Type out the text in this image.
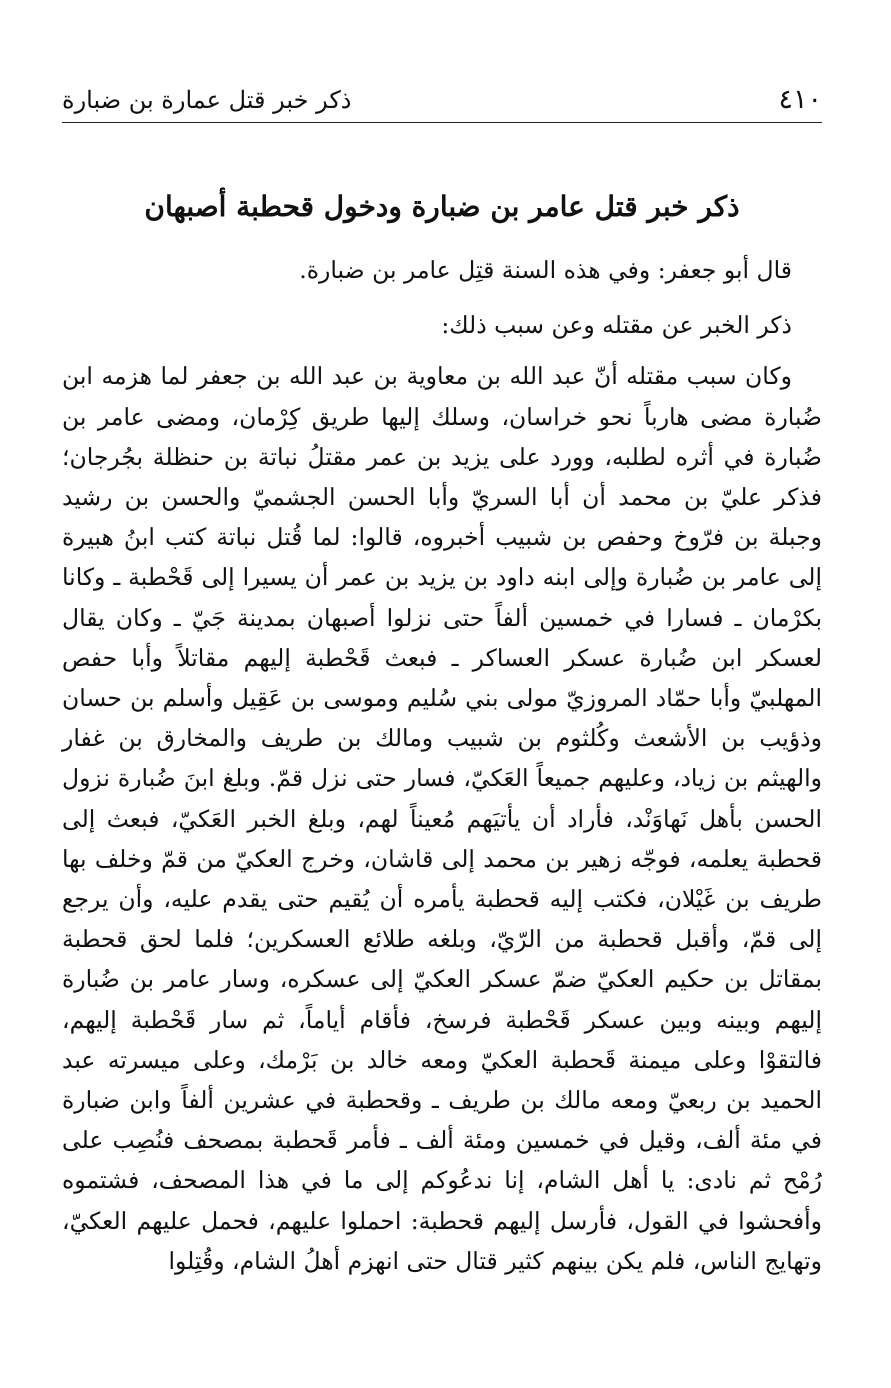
٤١٠
ذكر خبر قتل عمارة بن ضبارة
ذكر خبر قتل عامر بن ضبارة ودخول قحطبة أصبهان

قال أبو جعفر: وفي هذه السنة قتِل عامر بن ضبارة.

ذكر الخبر عن مقتله وعن سبب ذلك:

وكان سبب مقتله أنّ عبد الله بن معاوية بن عبد الله بن جعفر لما هزمه ابن ضُبارة مضى هارباً نحو خراسان، وسلك إليها طريق كِرْمان، ومضى عامر بن ضُبارة في أثره لطلبه، وورد على يزيد بن عمر مقتلُ نباتة بن حنظلة بجُرجان؛ فذكر عليّ بن محمد أن أبا السريّ وأبا الحسن الجشميّ والحسن بن رشيد وجبلة بن فرّوخ وحفص بن شبيب أخبروه، قالوا: لما قُتل نباتة كتب ابنُ هبيرة إلى عامر بن ضُبارة وإلى ابنه داود بن يزيد بن عمر أن يسيرا إلى قَحْطبة ـ وكانا بكرْمان ـ فسارا في خمسين ألفاً حتى نزلوا أصبهان بمدينة جَيّ ـ وكان يقال لعسكر ابن ضُبارة عسكر العساكر ـ فبعث قَحْطبة إليهم مقاتلاً وأبا حفص المهلبيّ وأبا حمّاد المروزيّ مولى بني سُليم وموسى بن عَقِيل وأسلم بن حسان وذؤيب بن الأشعث وكُلثوم بن شبيب ومالك بن طريف والمخارق بن غفار والهيثم بن زياد، وعليهم جميعاً العَكيّ، فسار حتى نزل قمّ. وبلغ ابنَ ضُبارة نزول الحسن بأهل نَهاوَنْد، فأراد أن يأتيَهم مُعيناً لهم، وبلغ الخبر العَكيّ، فبعث إلى قحطبة يعلمه، فوجّه زهير بن محمد إلى قاشان، وخرج العكيّ من قمّ وخلف بها طريف بن غَيْلان، فكتب إليه قحطبة يأمره أن يُقيم حتى يقدم عليه، وأن يرجع إلى قمّ، وأقبل قحطبة من الرّيّ، وبلغه طلائع العسكرين؛ فلما لحق قحطبة بمقاتل بن حكيم العكيّ ضمّ عسكر العكيّ إلى عسكره، وسار عامر بن ضُبارة إليهم وبينه وبين عسكر قَحْطبة فرسخ، فأقام أياماً، ثم سار قَحْطبة إليهم، فالتقوْا وعلى ميمنة قَحطبة العكيّ ومعه خالد بن بَرْمك، وعلى ميسرته عبد الحميد بن ربعيّ ومعه مالك بن طريف ـ وقحطبة في عشرين ألفاً وابن ضبارة في مئة ألف، وقيل في خمسين ومئة ألف ـ فأمر قَحطبة بمصحف فنُصِب على رُمْح ثم نادى: يا أهل الشام، إنا ندعُوكم إلى ما في هذا المصحف، فشتموه وأفحشوا في القول، فأرسل إليهم قحطبة: احملوا عليهم، فحمل عليهم العكيّ، وتهايج الناس، فلم يكن بينهم كثير قتال حتى انهزم أهلُ الشام، وقُتِلوا
